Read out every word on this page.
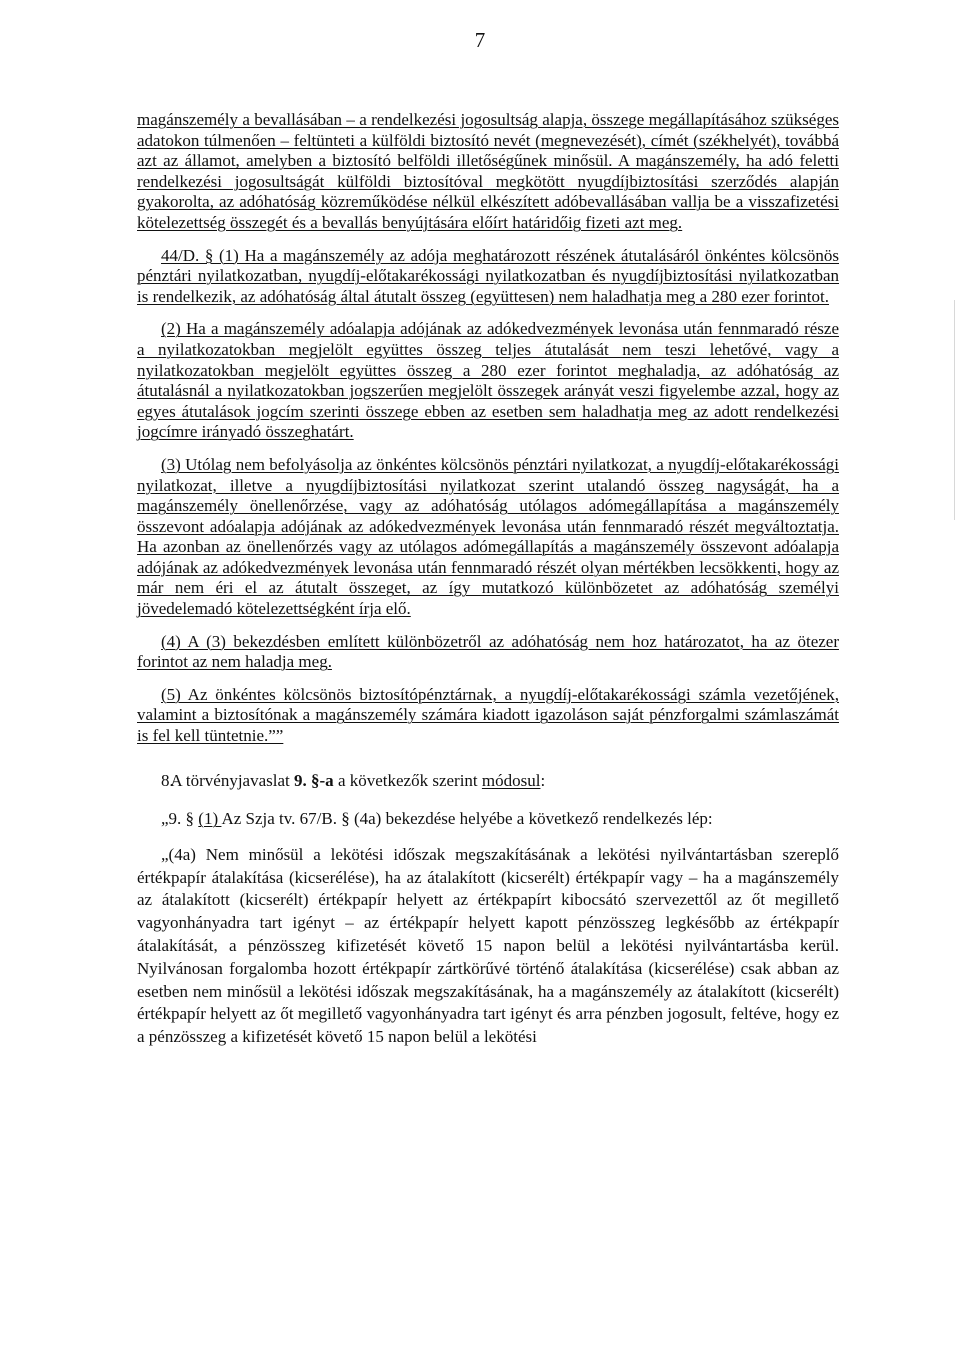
7

magánszemély a bevallásában – a rendelkezési jogosultság alapja, összege megállapításához szükséges adatokon túlmenően – feltünteti a külföldi biztosító nevét (megnevezését), címét (székhelyét), továbbá azt az államot, amelyben a biztosító belföldi illetőségűnek minősül. A magánszemély, ha adó feletti rendelkezési jogosultságát külföldi biztosítóval megkötött nyugdíjbiztosítási szerződés alapján gyakorolta, az adóhatóság közreműködése nélkül elkészített adóbevallásában vallja be a visszafizetési kötelezettség összegét és a bevallás benyújtására előírt határidőig fizeti azt meg.

44/D. § (1) Ha a magánszemély az adója meghatározott részének átutalásáról önkéntes kölcsönös pénztári nyilatkozatban, nyugdíj-előtakarékossági nyilatkozatban és nyugdíjbiztosítási nyilatkozatban is rendelkezik, az adóhatóság által átutalt összeg (együttesen) nem haladhatja meg a 280 ezer forintot.

(2) Ha a magánszemély adóalapja adójának az adókedvezmények levonása után fennmaradó része a nyilatkozatokban megjelölt együttes összeg teljes átutalását nem teszi lehetővé, vagy a nyilatkozatokban megjelölt együttes összeg a 280 ezer forintot meghaladja, az adóhatóság az átutalásnál a nyilatkozatokban jogszerűen megjelölt összegek arányát veszi figyelembe azzal, hogy az egyes átutalások jogcím szerinti összege ebben az esetben sem haladhatja meg az adott rendelkezési jogcímre irányadó összeghatárt.

(3) Utólag nem befolyásolja az önkéntes kölcsönös pénztári nyilatkozat, a nyugdíj-előtakarékossági nyilatkozat, illetve a nyugdíjbiztosítási nyilatkozat szerint utalandó összeg nagyságát, ha a magánszemély önellenőrzése, vagy az adóhatóság utólagos adómegállapítása a magánszemély összevont adóalapja adójának az adókedvezmények levonása után fennmaradó részét megváltoztatja. Ha azonban az önellenőrzés vagy az utólagos adómegállapítás a magánszemély összevont adóalapja adójának az adókedvezmények levonása után fennmaradó részét olyan mértékben lecsökkenti, hogy az már nem éri el az átutalt összeget, az így mutatkozó különbözetet az adóhatóság személyi jövedelemadó kötelezettségként írja elő.

(4) A (3) bekezdésben említett különbözetről az adóhatóság nem hoz határozatot, ha az ötezer forintot az nem haladja meg.

(5) Az önkéntes kölcsönös biztosítópénztárnak, a nyugdíj-előtakarékossági számla vezetőjének, valamint a biztosítónak a magánszemély számára kiadott igazoláson saját pénzforgalmi számlaszámát is fel kell tüntetnie.””

8. A törvényjavaslat 9. §-a a következők szerint módosul:

„9. § (1) Az Szja tv. 67/B. § (4a) bekezdése helyébe a következő rendelkezés lép:

„(4a) Nem minősül a lekötési időszak megszakításának a lekötési nyilvántartásban szereplő értékpapír átalakítása (kicserélése), ha az átalakított (kicserélt) értékpapír vagy – ha a magánszemély az átalakított (kicserélt) értékpapír helyett az értékpapírt kibocsátó szervezettől az őt megillető vagyonhányadra tart igényt – az értékpapír helyett kapott pénzösszeg legkésőbb az értékpapír átalakítását, a pénzösszeg kifizetését követő 15 napon belül a lekötési nyilvántartásba kerül. Nyilvánosan forgalomba hozott értékpapír zártkörűvé történő átalakítása (kicserélése) csak abban az esetben nem minősül a lekötési időszak megszakításának, ha a magánszemély az átalakított (kicserélt) értékpapír helyett az őt megillető vagyonhányadra tart igényt és arra pénzben jogosult, feltéve, hogy ez a pénzösszeg a kifizetését követő 15 napon belül a lekötési
